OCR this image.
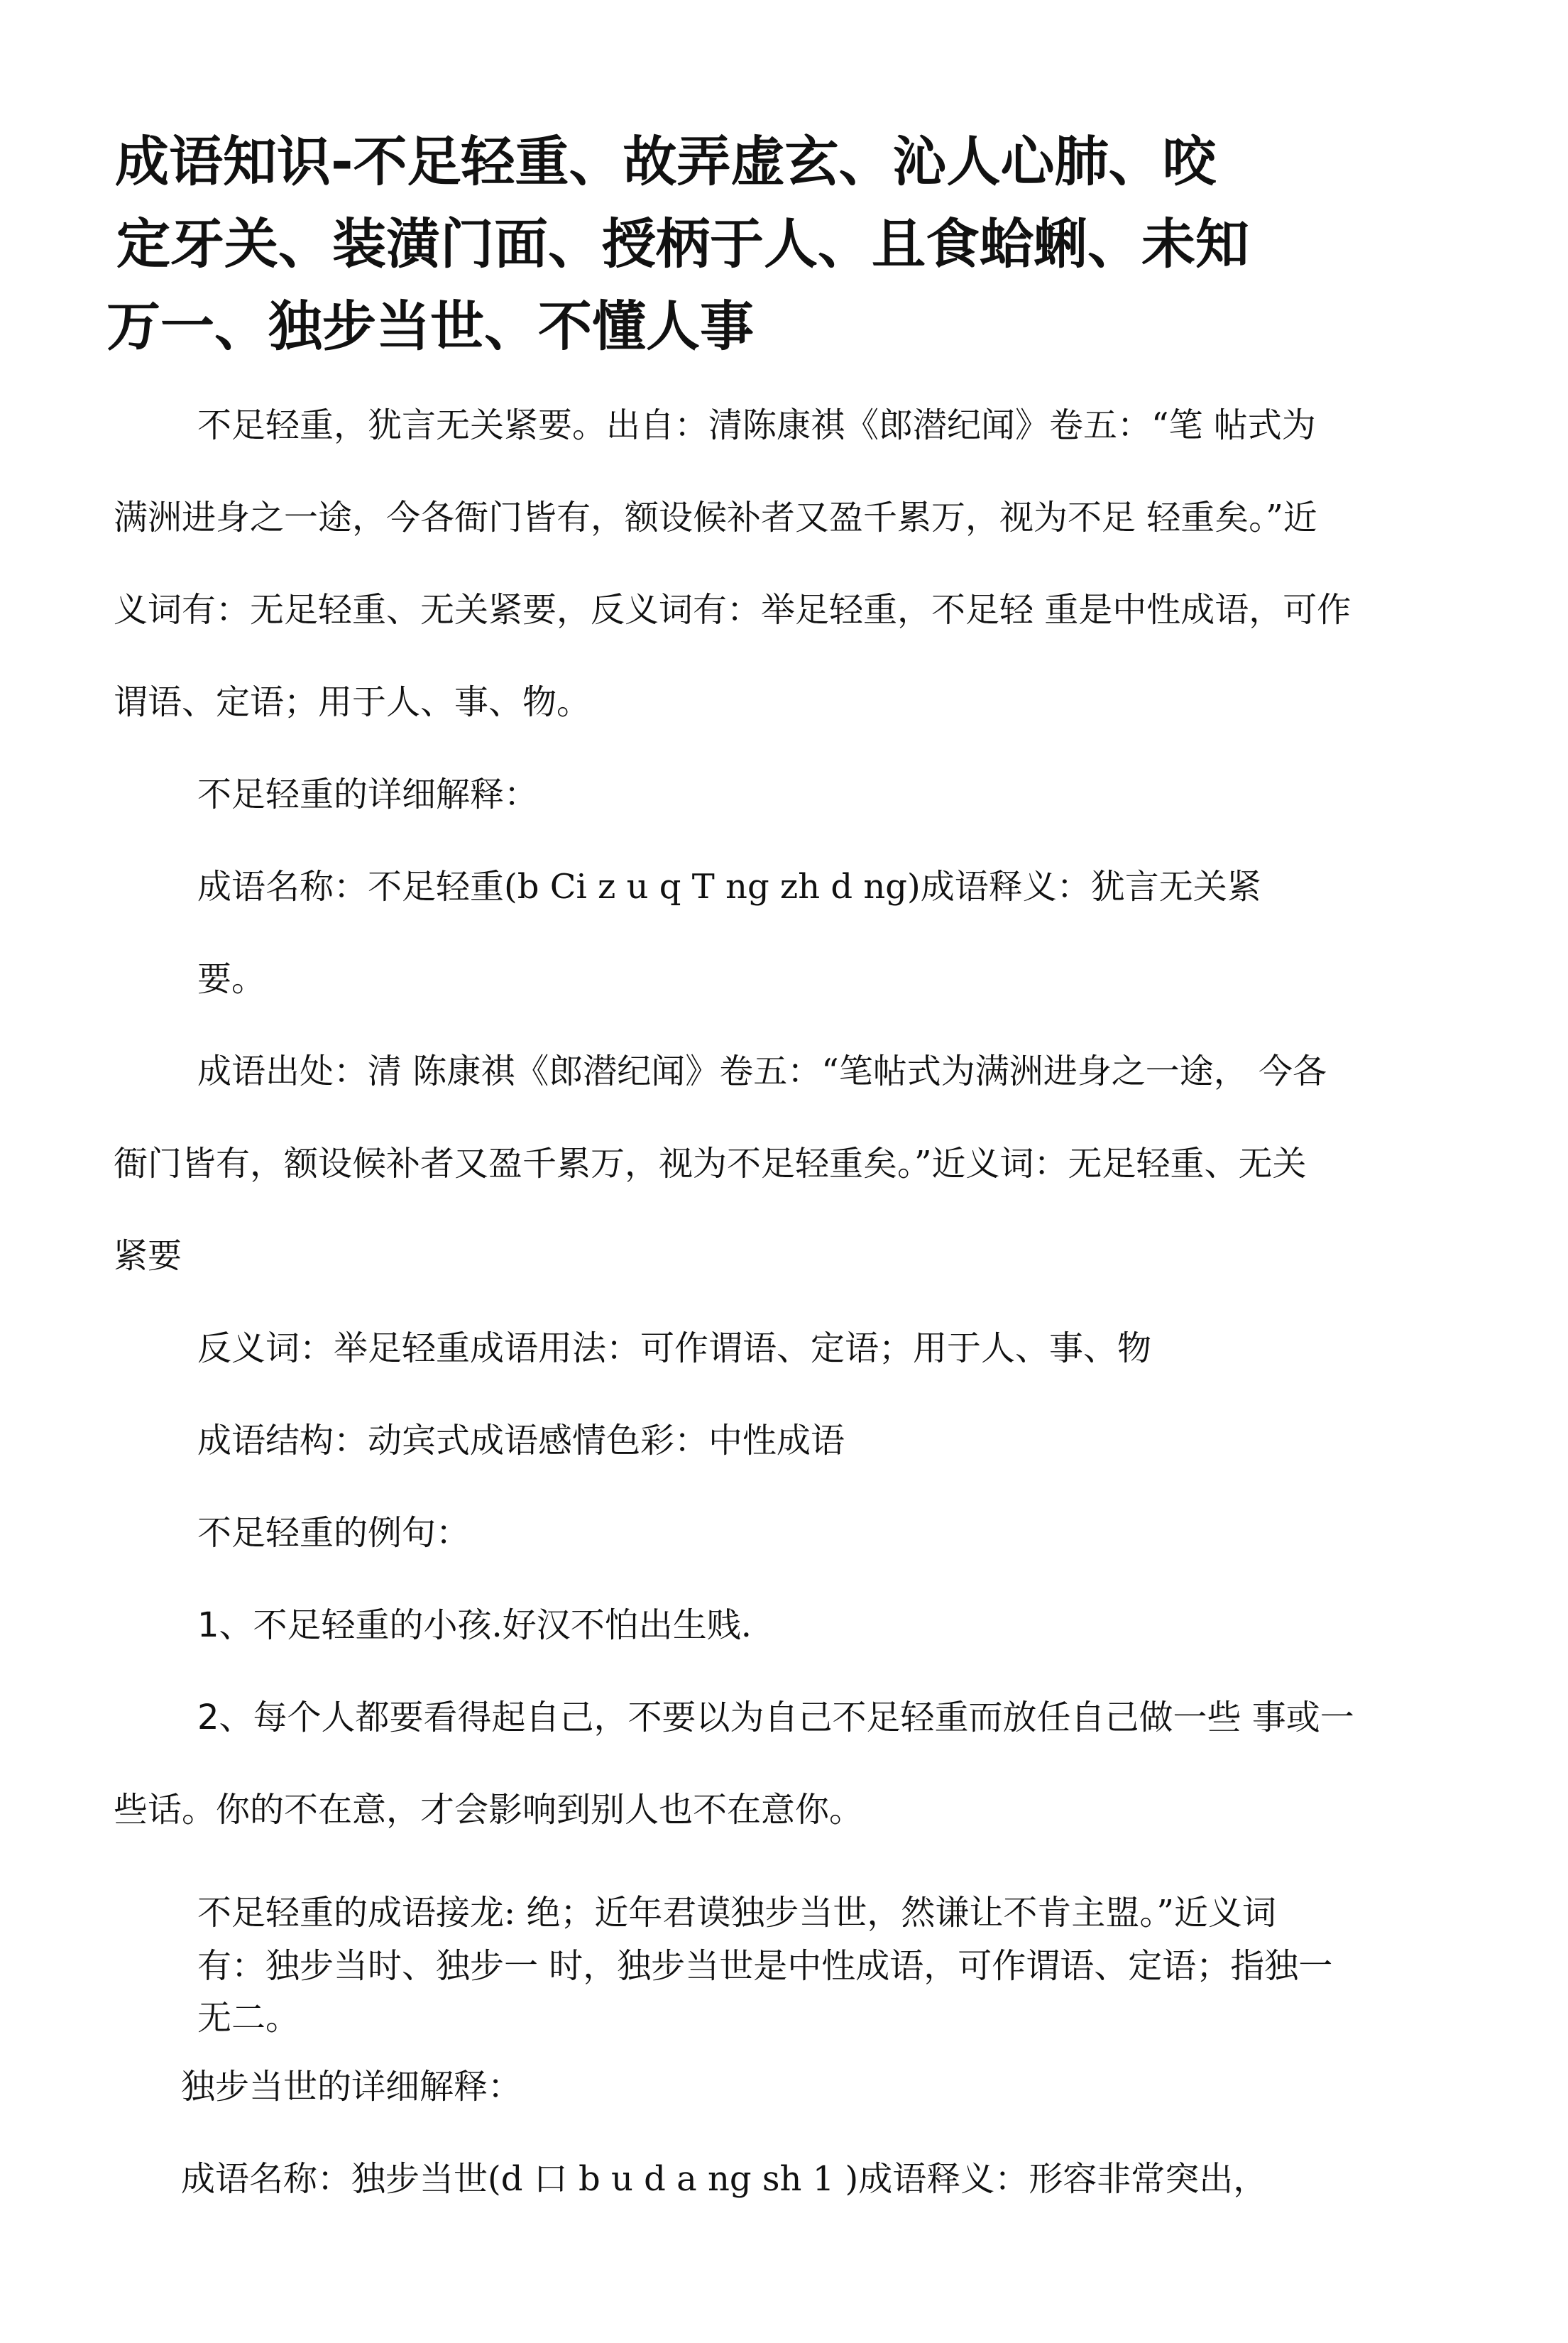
成语知识-不足轻重、故弄虚玄、沁人心肺、咬
定牙关、装潢门面、授柄于人、且食蛤蜊、未知
万一、独步当世、不懂人事

不足轻重，犹言无关紧要。出自：清陈康祺《郎潜纪闻》卷五：“笔 帖式为

满洲进身之一途，今各衙门皆有，额设候补者又盈千累万，视为不足 轻重矣。”近

义词有：无足轻重、无关紧要，反义词有：举足轻重，不足轻 重是中性成语，可作

谓语、定语；用于人、事、物。

不足轻重的详细解释：

成语名称：不足轻重(b Ci z u q T ng zh d ng)成语释义：犹言无关紧

要。

成语出处：清 陈康祺《郎潜纪闻》卷五：“笔帖式为满洲进身之一途， 今各

衙门皆有，额设候补者又盈千累万，视为不足轻重矣。”近义词：无足轻重、无关

紧要

反义词：举足轻重成语用法：可作谓语、定语；用于人、事、物

成语结构：动宾式成语感情色彩：中性成语

不足轻重的例句：

1、不足轻重的小孩.好汉不怕出生贱.

2、每个人都要看得起自己，不要以为自己不足轻重而放任自己做一些 事或一

些话。你的不在意，才会影响到别人也不在意你。

不足轻重的成语接龙: 绝；近年君谟独步当世，然谦让不肯主盟。”近义词

有：独步当时、独步一 时，独步当世是中性成语，可作谓语、定语；指独一

无二。

独步当世的详细解释：

成语名称：独步当世(d 口 b u d a ng sh 1 )成语释义：形容非常突出，
